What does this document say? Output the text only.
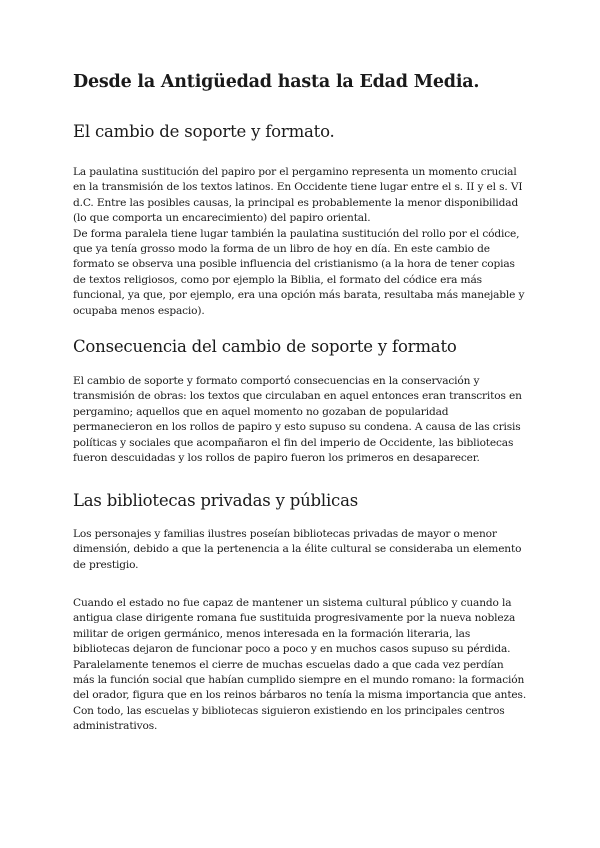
Desde la Antigüedad hasta la Edad Media.
El cambio de soporte y formato.

La paulatina sustitución del papiro por el pergamino representa un momento crucial en la transmisión de los textos latinos. En Occidente tiene lugar entre el s. II y el s. VI d.C. Entre las posibles causas, la principal es probablemente la menor disponibilidad (lo que comporta un encarecimiento) del papiro oriental.

De forma paralela tiene lugar también la paulatina sustitución del rollo por el códice, que ya tenía grosso modo la forma de un libro de hoy en día. En este cambio de formato se observa una posible influencia del cristianismo (a la hora de tener copias de textos religiosos, como por ejemplo la Biblia, el formato del códice era más funcional, ya que, por ejemplo, era una opción más barata, resultaba más manejable y ocupaba menos espacio).

Consecuencia del cambio de soporte y formato

El cambio de soporte y formato comportó consecuencias en la conservación y transmisión de obras: los textos que circulaban en aquel entonces eran transcritos en pergamino; aquellos que en aquel momento no gozaban de popularidad permanecieron en los rollos de papiro y esto supuso su condena. A causa de las crisis políticas y sociales que acompañaron el fin del imperio de Occidente, las bibliotecas fueron descuidadas y los rollos de papiro fueron los primeros en desaparecer.

Las bibliotecas privadas y públicas

Los personajes y familias ilustres poseían bibliotecas privadas de mayor o menor dimensión, debido a que la pertenencia a la élite cultural se consideraba un elemento de prestigio.

Cuando el estado no fue capaz de mantener un sistema cultural público y cuando la antigua clase dirigente romana fue sustituida progresivamente por la nueva nobleza militar de origen germánico, menos interesada en la formación literaria, las bibliotecas dejaron de funcionar poco a poco y en muchos casos supuso su pérdida. Paralelamente tenemos el cierre de muchas escuelas dado a que cada vez perdían más la función social que habían cumplido siempre en el mundo romano: la formación del orador, figura que en los reinos bárbaros no tenía la misma importancia que antes. Con todo, las escuelas y bibliotecas siguieron existiendo en los principales centros administrativos.
